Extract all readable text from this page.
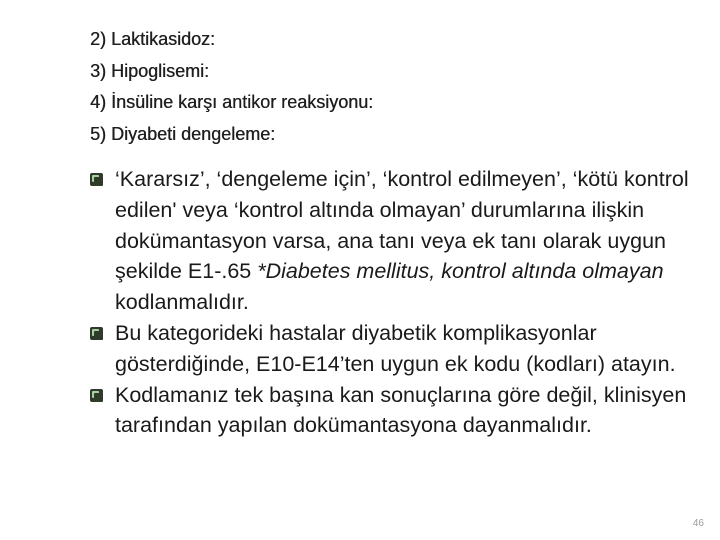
2) Laktikasidoz:
3) Hipoglisemi:
4) İnsüline karşı antikor reaksiyonu:
5) Diyabeti dengeleme:
‘Kararsız’, ‘dengeleme için’, ‘kontrol edilmeyen’, ‘kötü kontrol edilen' veya ‘kontrol altında olmayan’ durumlarına ilişkin dokümantasyon varsa, ana tanı veya ek tanı olarak uygun şekilde E1-.65 *Diabetes mellitus, kontrol altında olmayan kodlanmalıdır.
Bu kategorideki hastalar diyabetik komplikasyonlar gösterdiğinde, E10-E14’ten uygun ek kodu (kodları) atayın.
Kodlamanız tek başına kan sonuçlarına göre değil, klinisyen tarafından yapılan dokümantasyona dayanmalıdır.
46
